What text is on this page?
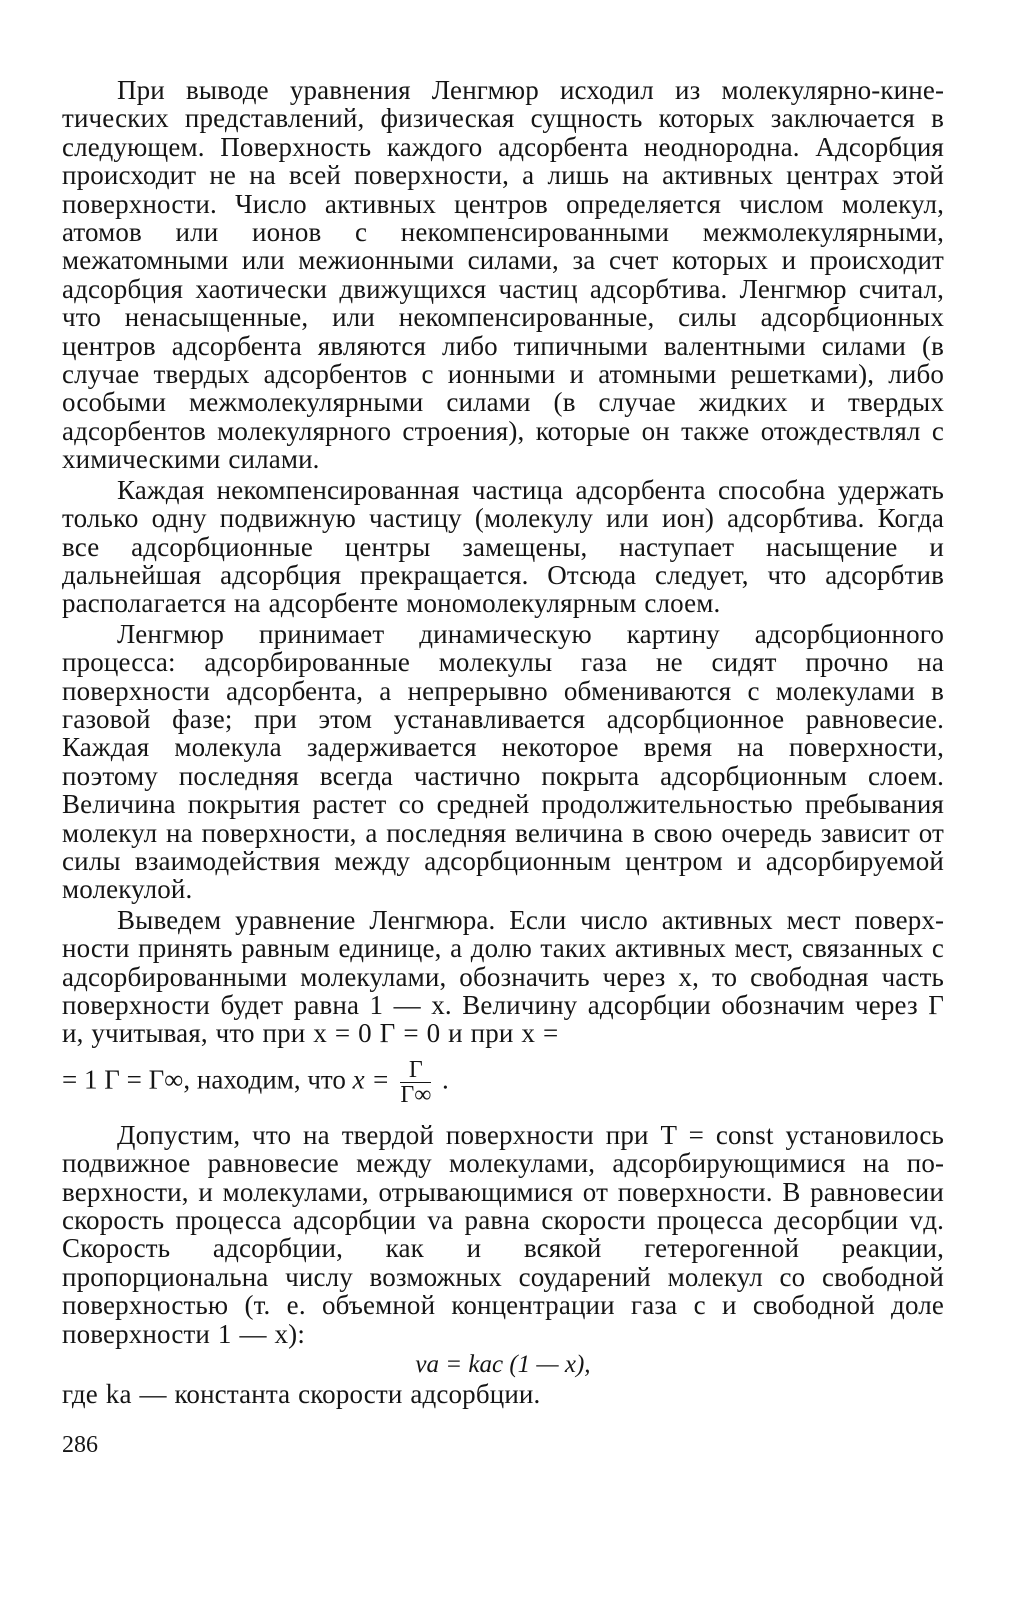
При выводе уравнения Ленгмюр исходил из молекулярно-кинетических представлений, физическая сущность которых заключается в следующем. Поверхность каждого адсорбента неоднородна. Адсорбция происходит не на всей поверхности, а лишь на активных центрах этой поверхности. Число активных центров определяется числом молекул, атомов или ионов с некомпенсированными межмолекулярными, межатомными или межионными силами, за счет которых и происходит адсорбция хаотически движущихся частиц адсорбтива. Ленгмюр считал, что ненасыщенные, или некомпенсированные, силы адсорбционных центров адсорбента являются либо типичными валентными силами (в случае твердых адсорбентов с ионными и атомными решетками), либо особыми межмолекулярными силами (в случае жидких и твердых адсорбентов молекулярного строения), которые он также отождествлял с химическими силами.

Каждая некомпенсированная частица адсорбента способна удержать только одну подвижную частицу (молекулу или ион) адсорбтива. Когда все адсорбционные центры замещены, наступает насыщение и дальнейшая адсорбция прекращается. Отсюда следует, что адсорбтив располагается на адсорбенте мономолекулярным слоем.

Ленгмюр принимает динамическую картину адсорбционного процесса: адсорбированные молекулы газа не сидят прочно на поверхности адсорбента, а непрерывно обмениваются с молекулами в газовой фазе; при этом устанавливается адсорбционное равновесие. Каждая молекула задерживается некоторое время на поверхности, поэтому последняя всегда частично покрыта адсорбционным слоем. Величина покрытия растет со средней продолжительностью пребывания молекул на поверхности, а последняя величина в свою очередь зависит от силы взаимодействия между адсорбционным центром и адсорбируемой молекулой.

Выведем уравнение Ленгмюра. Если число активных мест поверхности принять равным единице, а долю таких активных мест, связанных с адсорбированными молекулами, обозначить через x, то свободная часть поверхности будет равна 1 — x. Величину адсорбции обозначим через Γ и, учитывая, что при x = 0 Γ = 0 и при x =

= 1 Γ = Γ∞, находим, что $x = \frac{\Gamma}{\Gamma\infty}$ .

Допустим, что на твердой поверхности при T = const установилось подвижное равновесие между молекулами, адсорбирующимися на поверхности, и молекулами, отрывающимися от поверхности. В равновесии скорость процесса адсорбции vа равна скорости процесса десорбции vд. Скорость адсорбции, как и всякой гетерогенной реакции, пропорциональна числу возможных соударений молекул со свободной поверхностью (т. е. объемной концентрации газа c и свободной доле поверхности 1 — x):

vа = kаc (1 — x),

где kа — константа скорости адсорбции.

286
